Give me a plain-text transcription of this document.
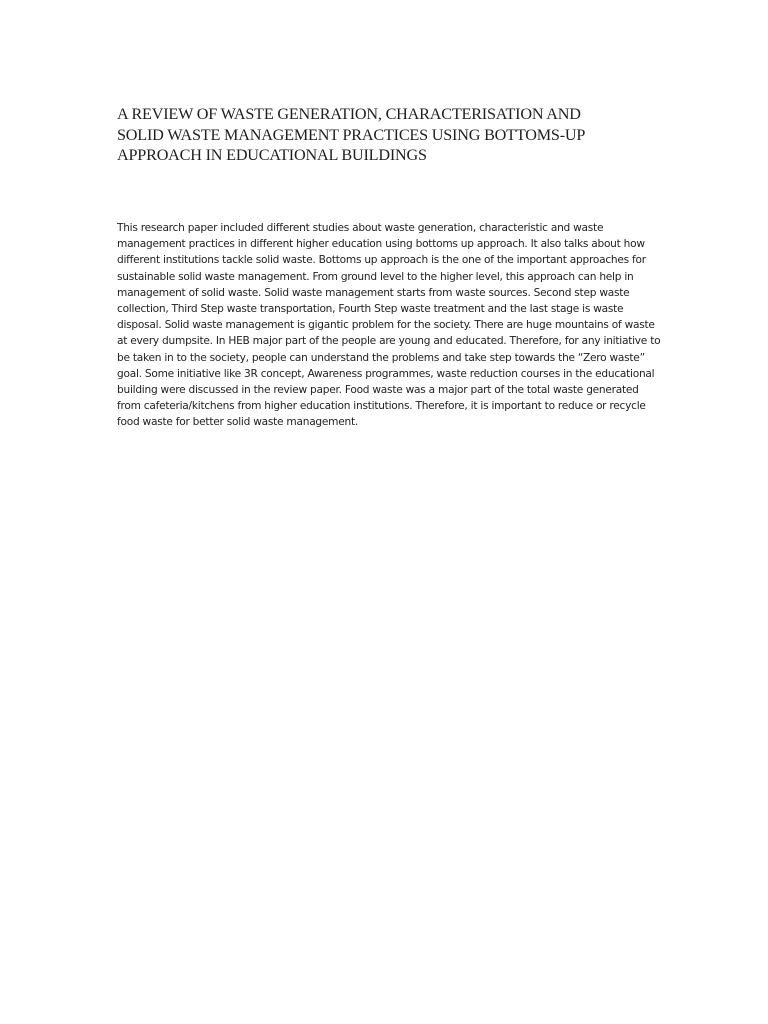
A REVIEW OF WASTE GENERATION, CHARACTERISATION AND
SOLID WASTE MANAGEMENT PRACTICES USING BOTTOMS-UP
APPROACH IN EDUCATIONAL BUILDINGS

This research paper included different studies about waste generation, characteristic and waste management practices in different higher education using bottoms up approach. It also talks about how different institutions tackle solid waste. Bottoms up approach is the one of the important approaches for sustainable solid waste management. From ground level to the higher level, this approach can help in management of solid waste. Solid waste management starts from waste sources. Second step waste collection, Third Step waste transportation, Fourth Step waste treatment and the last stage is waste disposal. Solid waste management is gigantic problem for the society. There are huge mountains of waste at every dumpsite. In HEB major part of the people are young and educated. Therefore, for any initiative to be taken in to the society, people can understand the problems and take step towards the “Zero waste” goal. Some initiative like 3R concept, Awareness programmes, waste reduction courses in the educational building were discussed in the review paper. Food waste was a major part of the total waste generated from cafeteria/kitchens from higher education institutions. Therefore, it is important to reduce or recycle food waste for better solid waste management.
